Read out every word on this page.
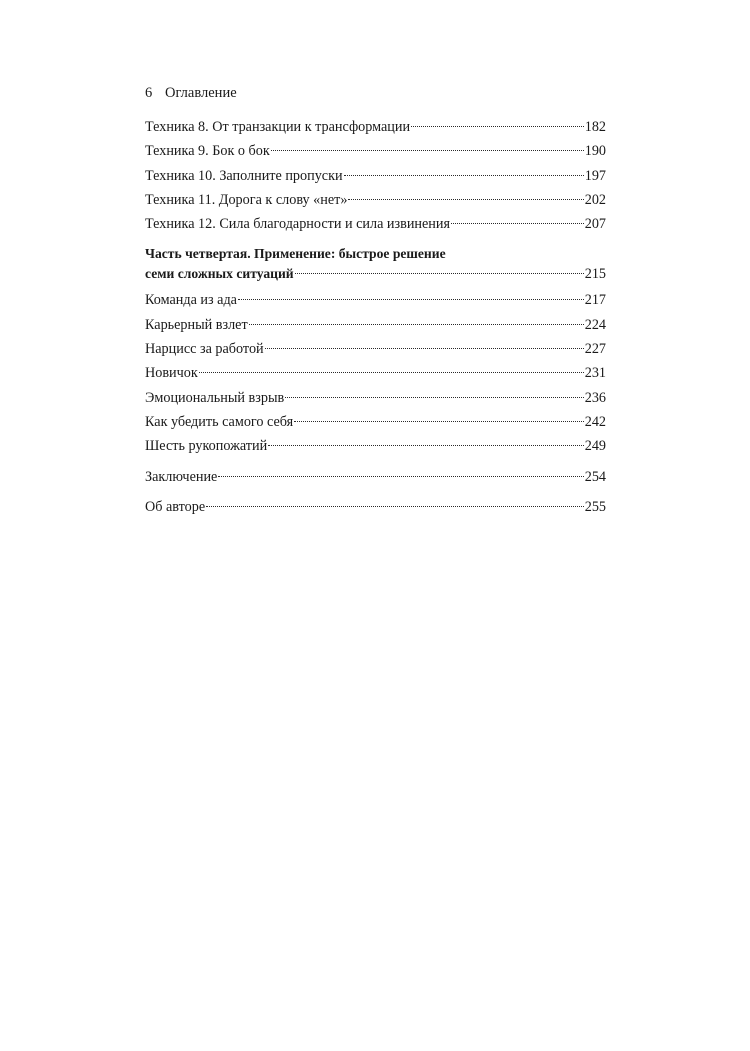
6 Оглавление
Техника 8. От транзакции к трансформации	182
Техника 9. Бок о бок	190
Техника 10. Заполните пропуски	197
Техника 11. Дорога к слову «нет»	202
Техника 12. Сила благодарности и сила извинения	207
Часть четвертая. Применение: быстрое решение
семи сложных ситуаций	215
Команда из ада	217
Карьерный взлет	224
Нарцисс за работой	227
Новичок	231
Эмоциональный взрыв	236
Как убедить самого себя	242
Шесть рукопожатий	249
Заключение	254
Об авторе	255
